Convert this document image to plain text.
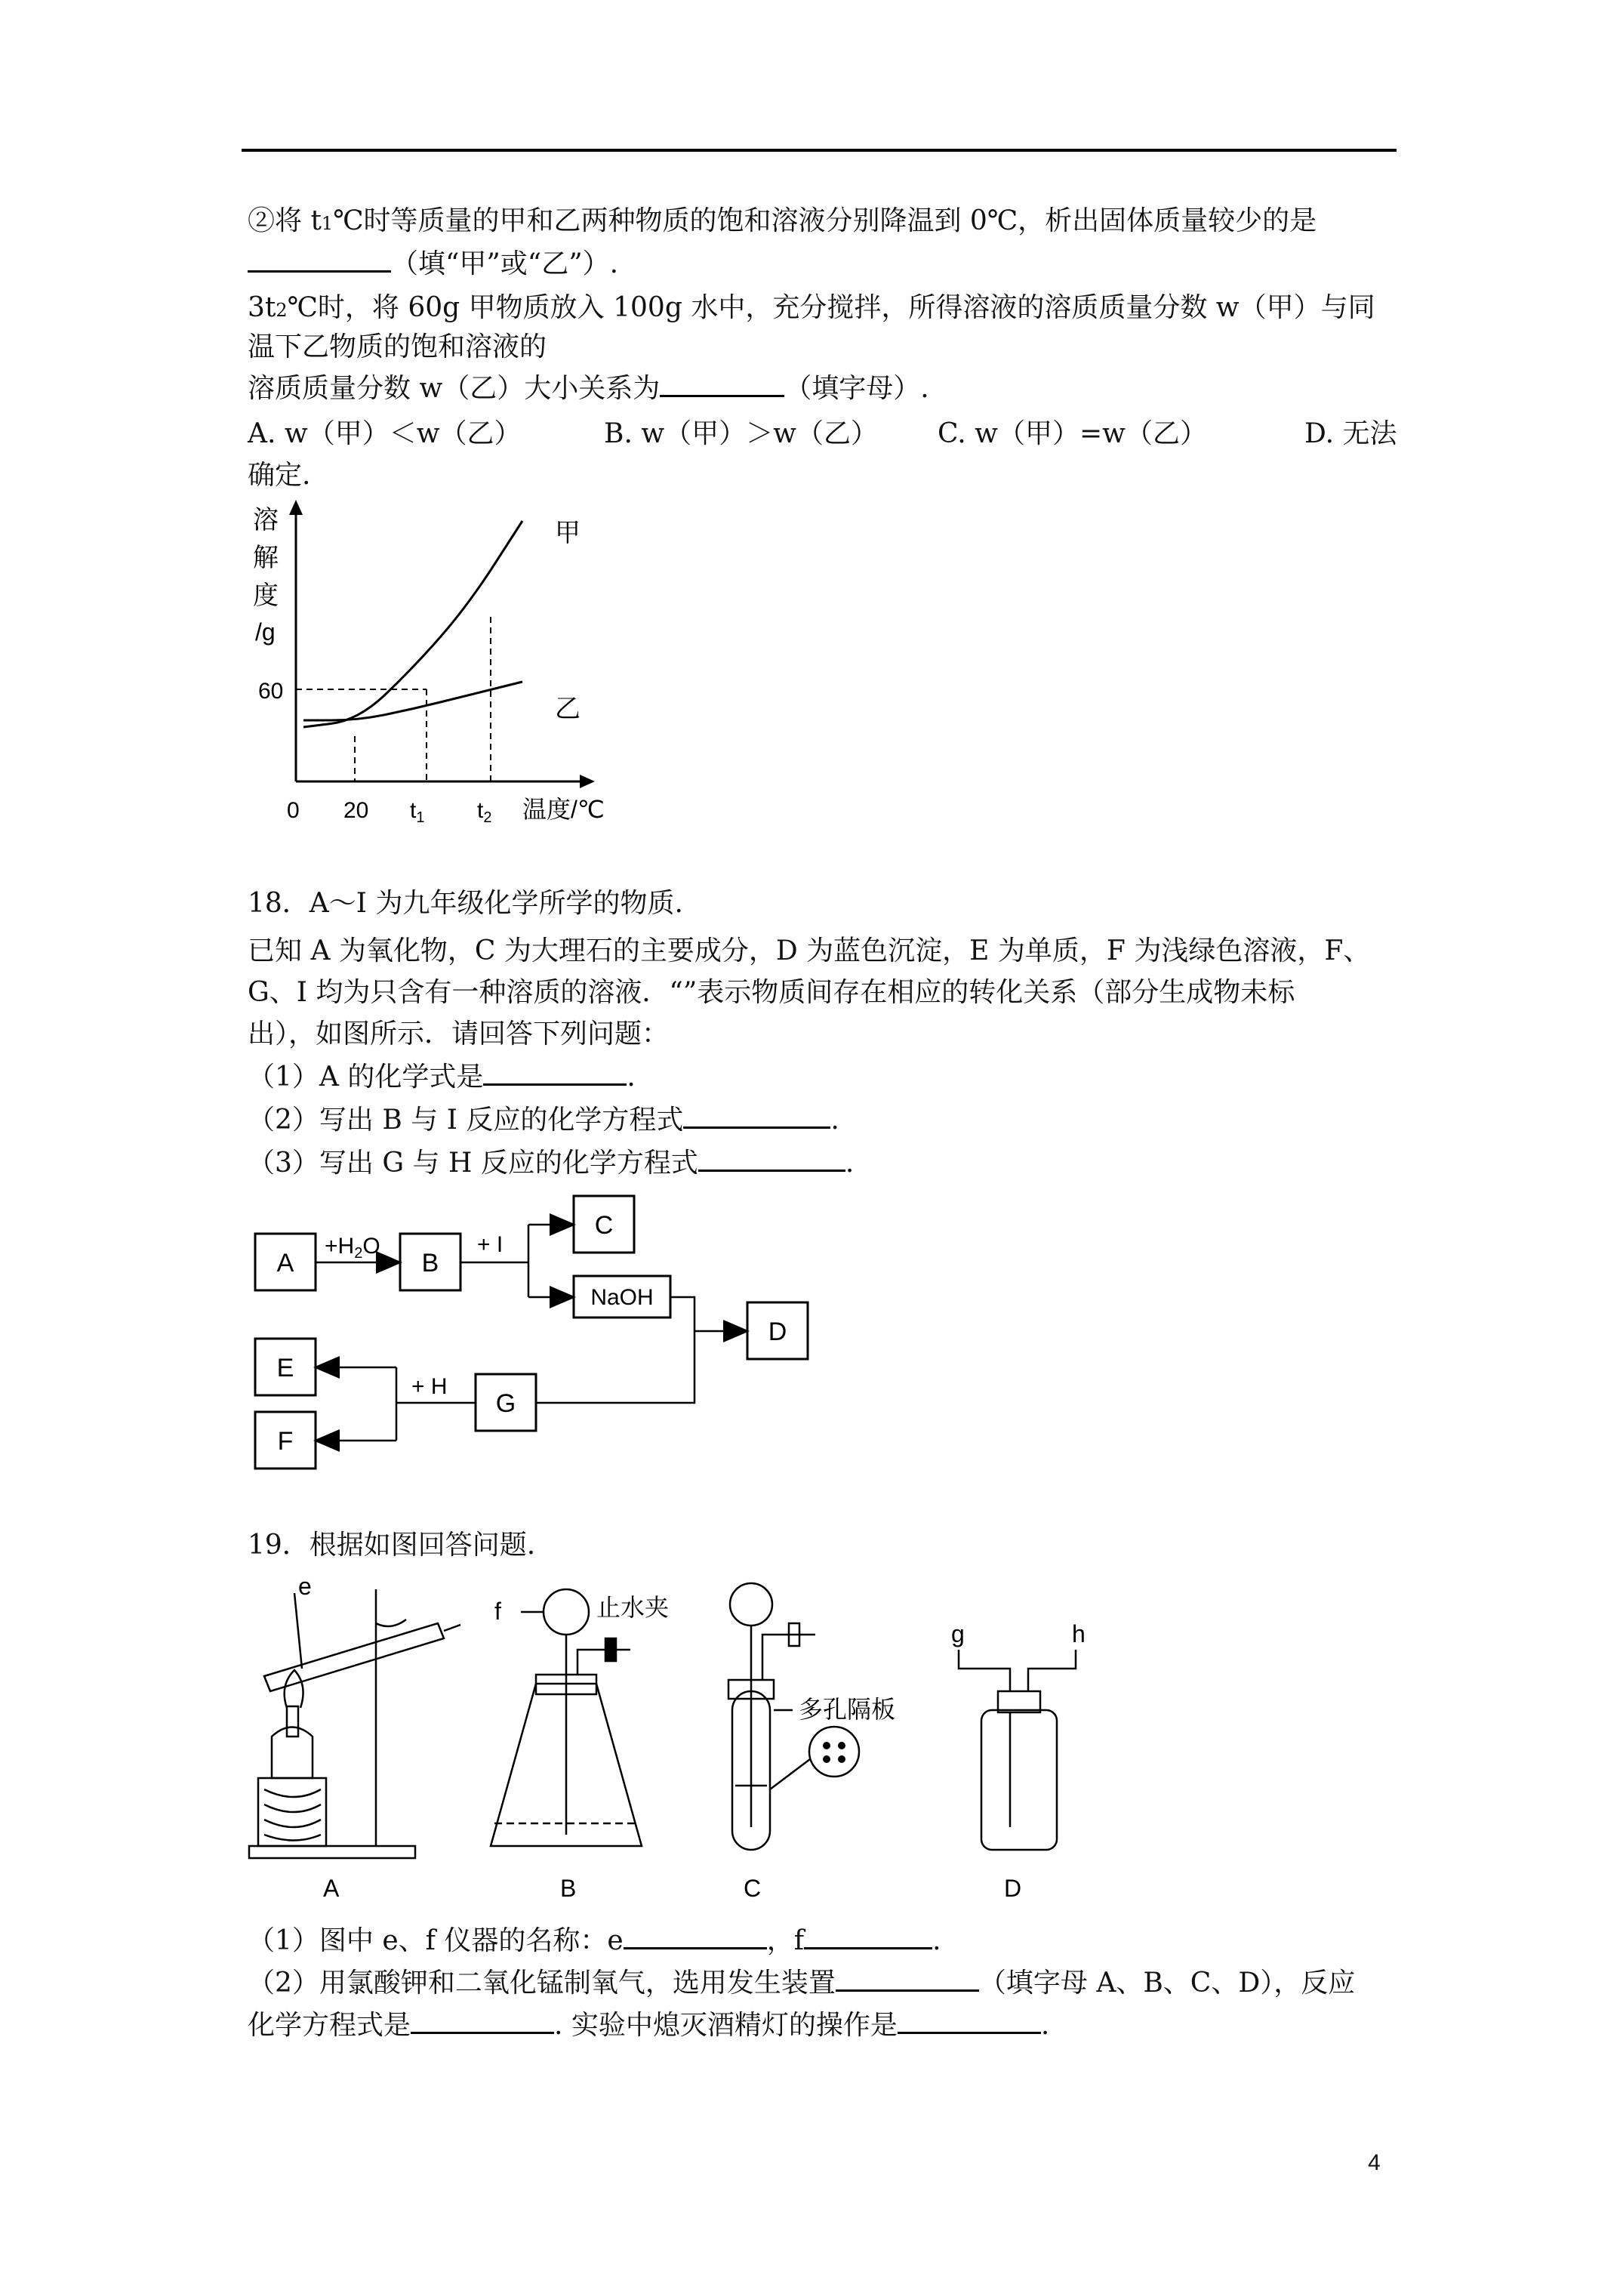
②将 t1℃时等质量的甲和乙两种物质的饱和溶液分别降温到 0℃，析出固体质量较少的是
（填“甲”或“乙”）.
3t2℃时，将 60g 甲物质放入 100g 水中，充分搅拌，所得溶液的溶质质量分数 w（甲）与同
温下乙物质的饱和溶液的
溶质质量分数 w（乙）大小关系为	（填字母）.
A. w（甲）＜w（乙）	B. w（甲）＞w（乙） C. w（甲）=w（乙）	D. 无法
确定.
溶
解
度
/g
60
0 20 $t_1$ $t_2$ 温度/℃
甲
乙
18．A～I 为九年级化学所学的物质.
已知 A 为氧化物，C 为大理石的主要成分，D 为蓝色沉淀，E 为单质，F 为浅绿色溶液，F、
G、I 均为只含有一种溶质的溶液．“”表示物质间存在相应的转化关系（部分生成物未标
出），如图所示．请回答下列问题：
（1）A 的化学式是	.
（2）写出 B 与 I 反应的化学方程式	.
（3）写出 G 与 H 反应的化学方程式	.
A	B
C
NaOH
D
E
F
G
$+H_2O$	+ I
+ H
19．根据如图回答问题.
e
f	止水夹
多孔隔板
g	h
A	B	C	D
（1）图中 e、f 仪器的名称：e	，f	.
（2）用氯酸钾和二氧化锰制氧气，选用发生装置	（填字母 A、B、C、D），反应
化学方程式是	. 实验中熄灭酒精灯的操作是	.
4
